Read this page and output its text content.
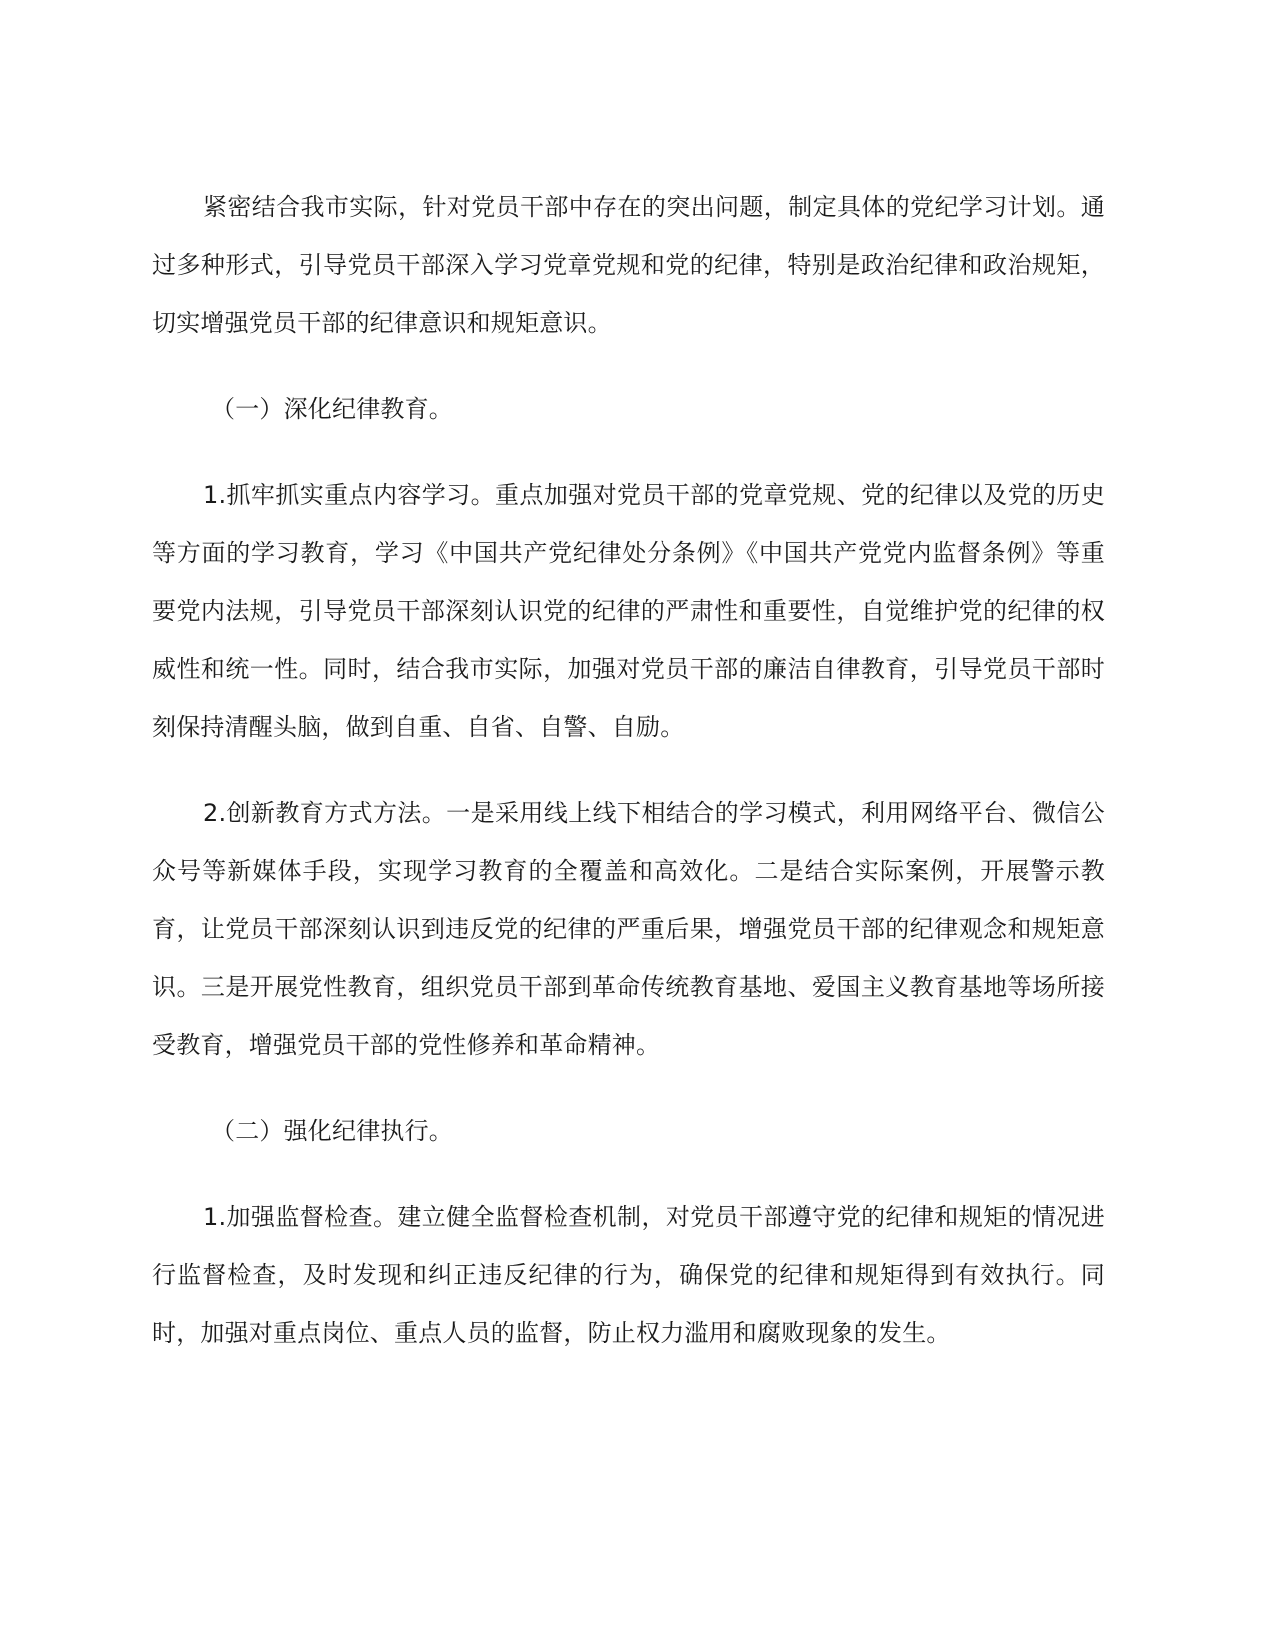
紧密结合我市实际，针对党员干部中存在的突出问题，制定具体的党纪学习计划。通过多种形式，引导党员干部深入学习党章党规和党的纪律，特别是政治纪律和政治规矩，切实增强党员干部的纪律意识和规矩意识。

（一）深化纪律教育。

1.抓牢抓实重点内容学习。重点加强对党员干部的党章党规、党的纪律以及党的历史等方面的学习教育，学习《中国共产党纪律处分条例》《中国共产党党内监督条例》等重要党内法规，引导党员干部深刻认识党的纪律的严肃性和重要性，自觉维护党的纪律的权威性和统一性。同时，结合我市实际，加强对党员干部的廉洁自律教育，引导党员干部时刻保持清醒头脑，做到自重、自省、自警、自励。

2.创新教育方式方法。一是采用线上线下相结合的学习模式，利用网络平台、微信公众号等新媒体手段，实现学习教育的全覆盖和高效化。二是结合实际案例，开展警示教育，让党员干部深刻认识到违反党的纪律的严重后果，增强党员干部的纪律观念和规矩意识。三是开展党性教育，组织党员干部到革命传统教育基地、爱国主义教育基地等场所接受教育，增强党员干部的党性修养和革命精神。

（二）强化纪律执行。

1.加强监督检查。建立健全监督检查机制，对党员干部遵守党的纪律和规矩的情况进行监督检查，及时发现和纠正违反纪律的行为，确保党的纪律和规矩得到有效执行。同时，加强对重点岗位、重点人员的监督，防止权力滥用和腐败现象的发生。
